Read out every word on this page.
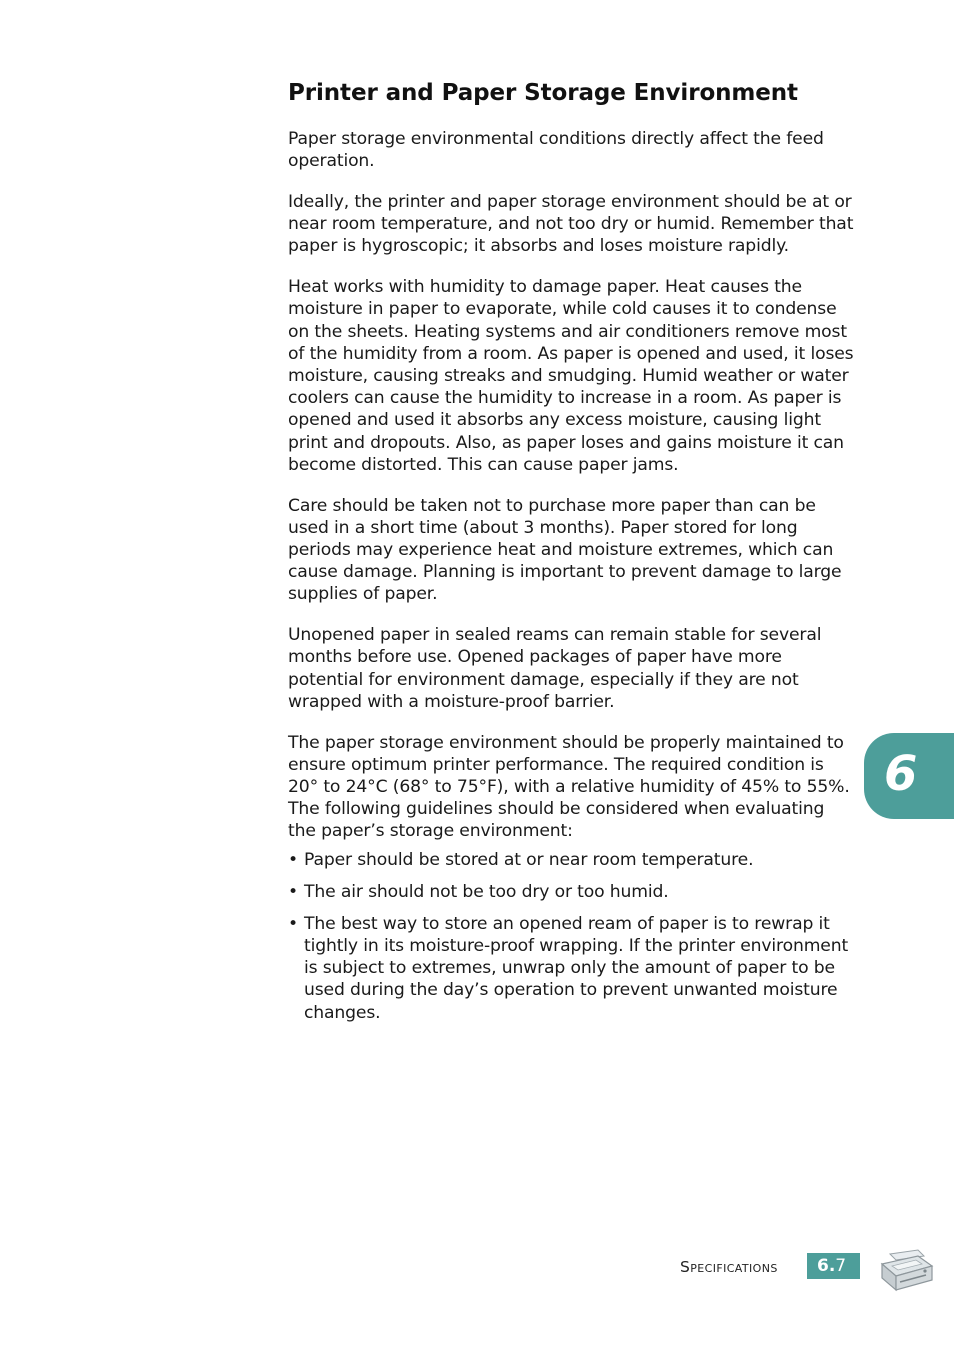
Printer and Paper Storage Environment

Paper storage environmental conditions directly affect the feed operation.

Ideally, the printer and paper storage environment should be at or near room temperature, and not too dry or humid. Remember that paper is hygroscopic; it absorbs and loses moisture rapidly.

Heat works with humidity to damage paper. Heat causes the moisture in paper to evaporate, while cold causes it to condense on the sheets. Heating systems and air conditioners remove most of the humidity from a room. As paper is opened and used, it loses moisture, causing streaks and smudging. Humid weather or water coolers can cause the humidity to increase in a room. As paper is opened and used it absorbs any excess moisture, causing light print and dropouts. Also, as paper loses and gains moisture it can become distorted. This can cause paper jams.

Care should be taken not to purchase more paper than can be used in a short time (about 3 months). Paper stored for long periods may experience heat and moisture extremes, which can cause damage. Planning is important to prevent damage to large supplies of paper.

Unopened paper in sealed reams can remain stable for several months before use. Opened packages of paper have more potential for environment damage, especially if they are not wrapped with a moisture-proof barrier.

The paper storage environment should be properly maintained to ensure optimum printer performance. The required condition is 20° to 24°C (68° to 75°F), with a relative humidity of 45% to 55%. The following guidelines should be considered when evaluating the paper’s storage environment:

• Paper should be stored at or near room temperature.
• The air should not be too dry or too humid.
• The best way to store an opened ream of paper is to rewrap it tightly in its moisture-proof wrapping. If the printer environment is subject to extremes, unwrap only the amount of paper to be used during the day’s operation to prevent unwanted moisture changes.
6
Specifications	6.7
